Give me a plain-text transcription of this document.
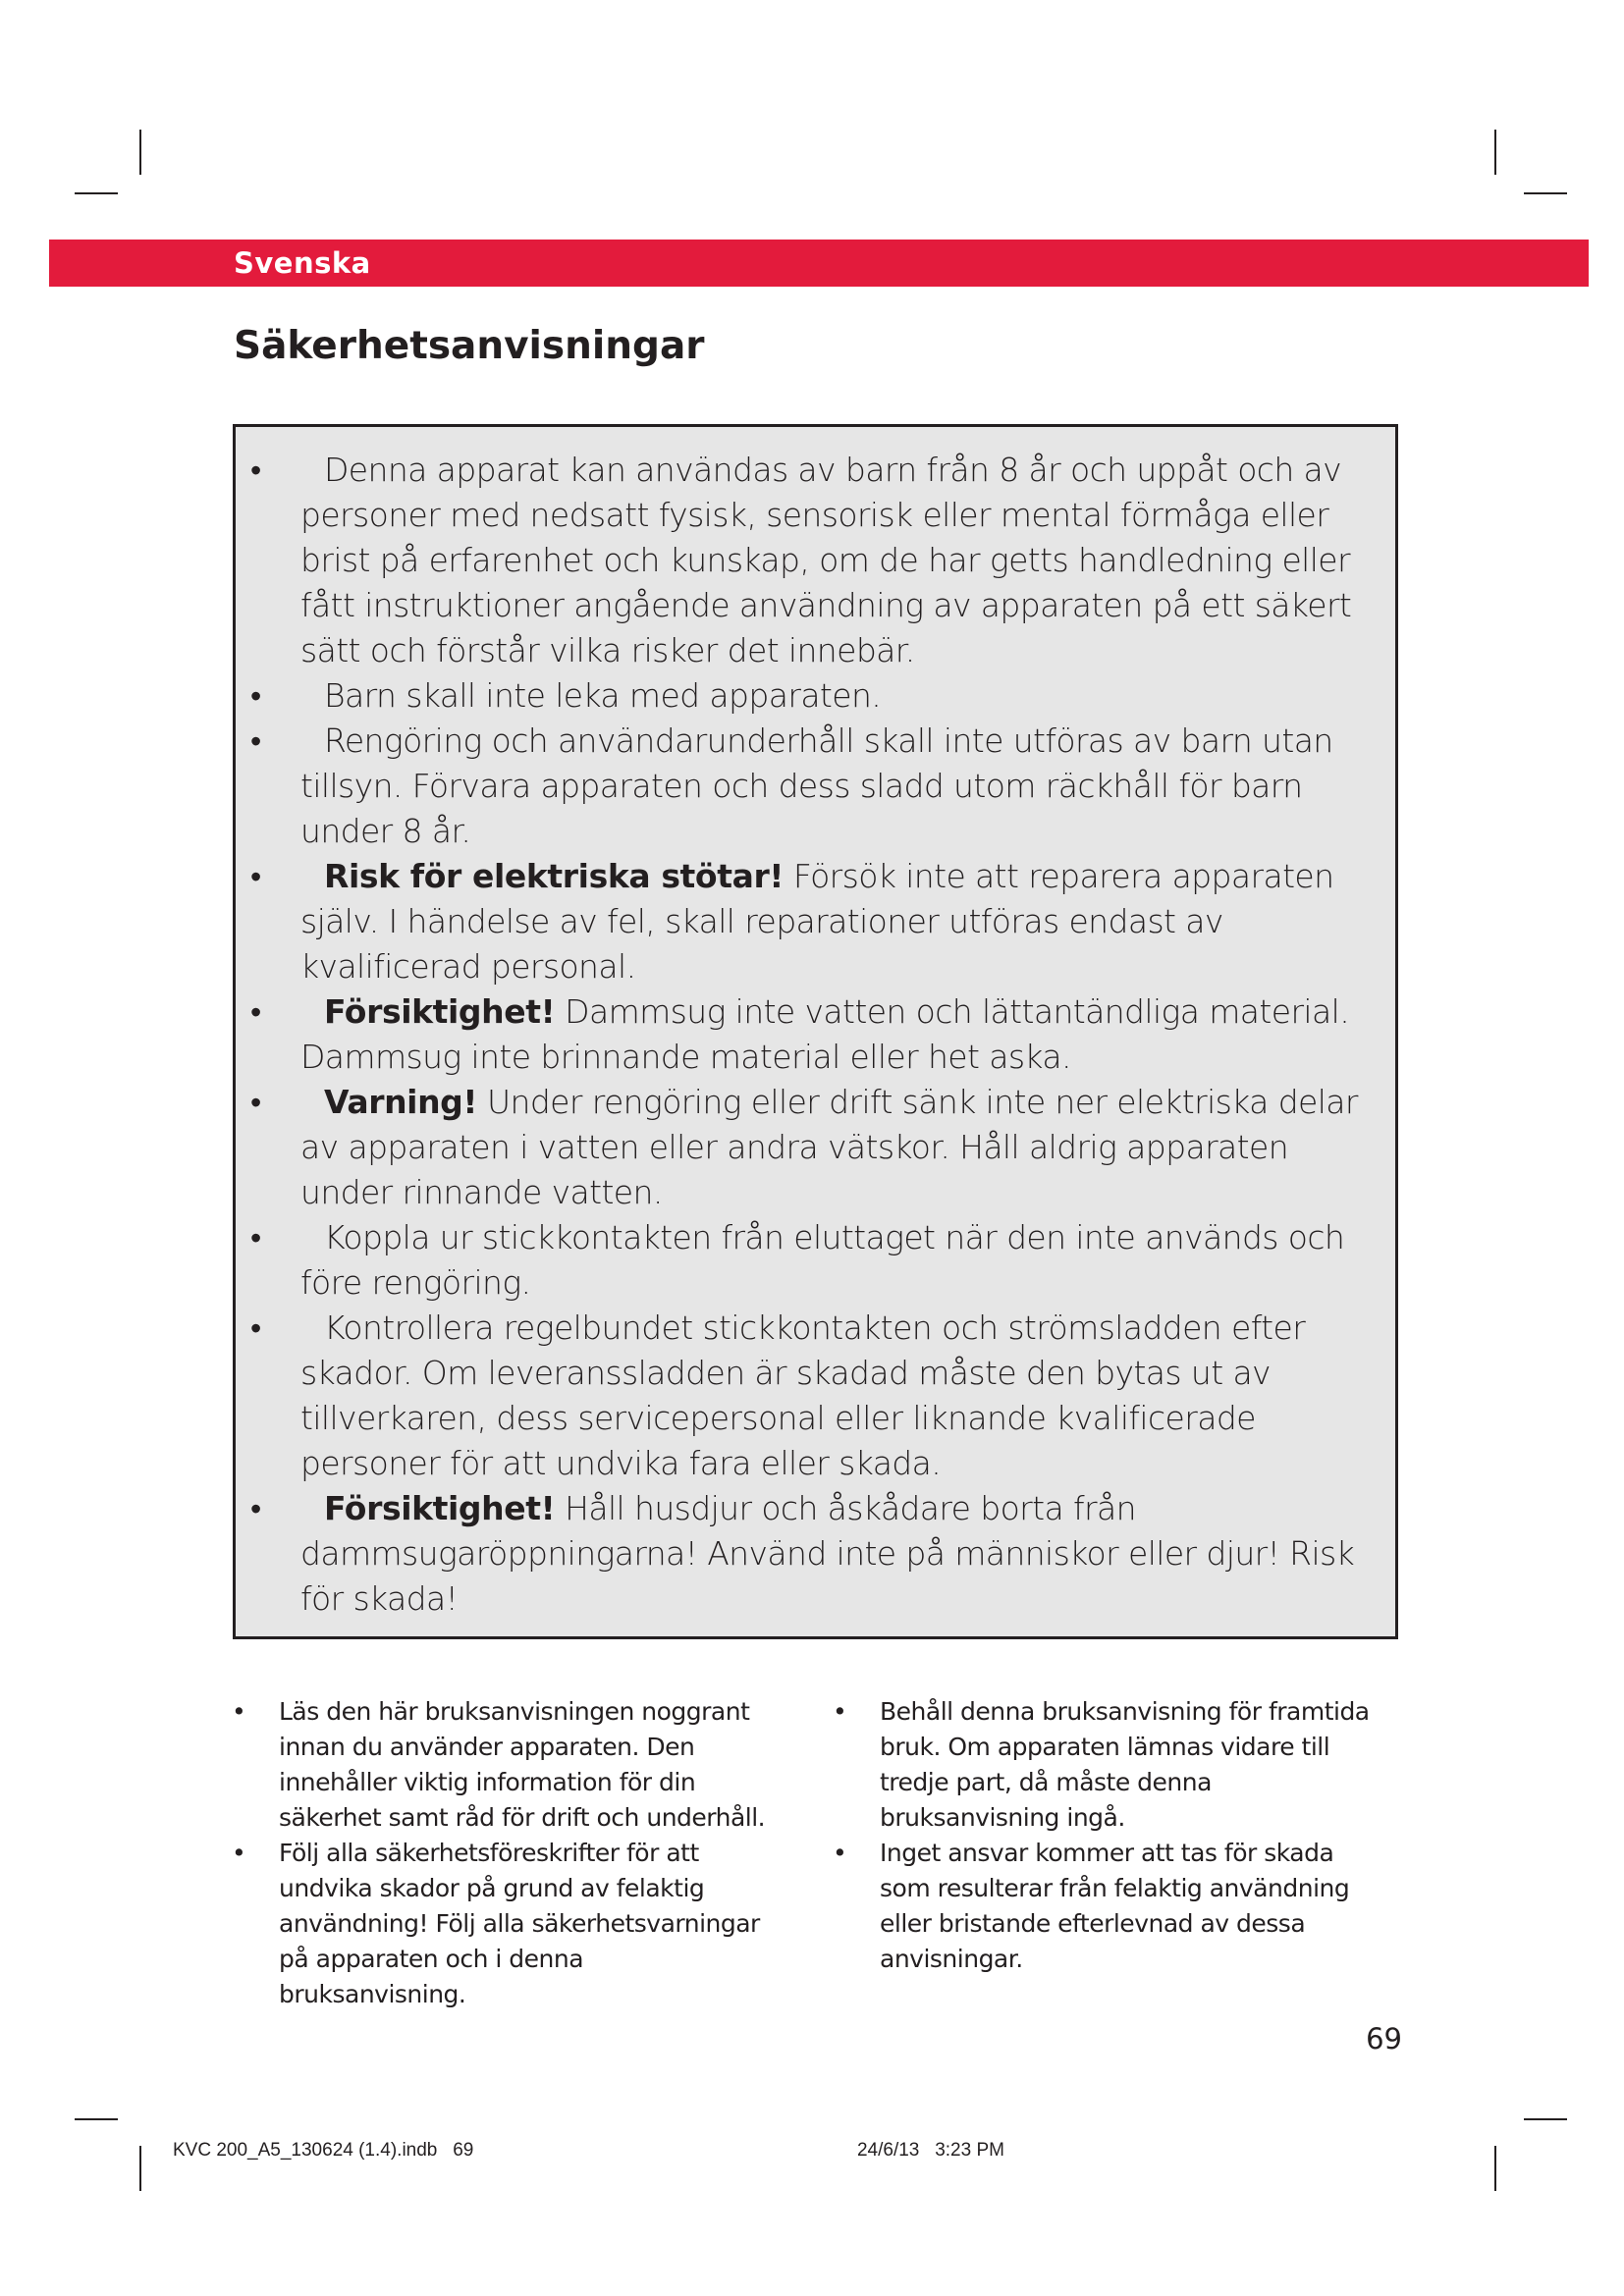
Svenska
Säkerhetsanvisningar
• Denna apparat kan användas av barn från 8 år och uppåt och av personer med nedsatt fysisk, sensorisk eller mental förmåga eller brist på erfarenhet och kunskap, om de har getts handledning eller fått instruktioner angående användning av apparaten på ett säkert sätt och förstår vilka risker det innebär.
• Barn skall inte leka med apparaten.
• Rengöring och användarunderhåll skall inte utföras av barn utan tillsyn. Förvara apparaten och dess sladd utom räckhåll för barn under 8 år.
• Risk för elektriska stötar! Försök inte att reparera apparaten själv. I händelse av fel, skall reparationer utföras endast av kvalificerad personal.
• Försiktighet! Dammsug inte vatten och lättantändliga material. Dammsug inte brinnande material eller het aska.
• Varning! Under rengöring eller drift sänk inte ner elektriska delar av apparaten i vatten eller andra vätskor. Håll aldrig apparaten under rinnande vatten.
• Koppla ur stickkontakten från eluttaget när den inte används och före rengöring.
• Kontrollera regelbundet stickkontakten och strömsladden efter skador. Om leveranssladden är skadad måste den bytas ut av tillverkaren, dess servicepersonal eller liknande kvalificerade personer för att undvika fara eller skada.
• Försiktighet! Håll husdjur och åskådare borta från dammsugaröppningarna! Använd inte på människor eller djur! Risk för skada!
• Läs den här bruksanvisningen noggrant innan du använder apparaten. Den innehåller viktig information för din säkerhet samt råd för drift och underhåll.
• Följ alla säkerhetsföreskrifter för att undvika skador på grund av felaktig användning! Följ alla säkerhetsvarningar på apparaten och i denna bruksanvisning.
• Behåll denna bruksanvisning för framtida bruk. Om apparaten lämnas vidare till tredje part, då måste denna bruksanvisning ingå.
• Inget ansvar kommer att tas för skada som resulterar från felaktig användning eller bristande efterlevnad av dessa anvisningar.
69
KVC 200_A5_130624 (1.4).indb   69                                                                          24/6/13   3:23 PM
